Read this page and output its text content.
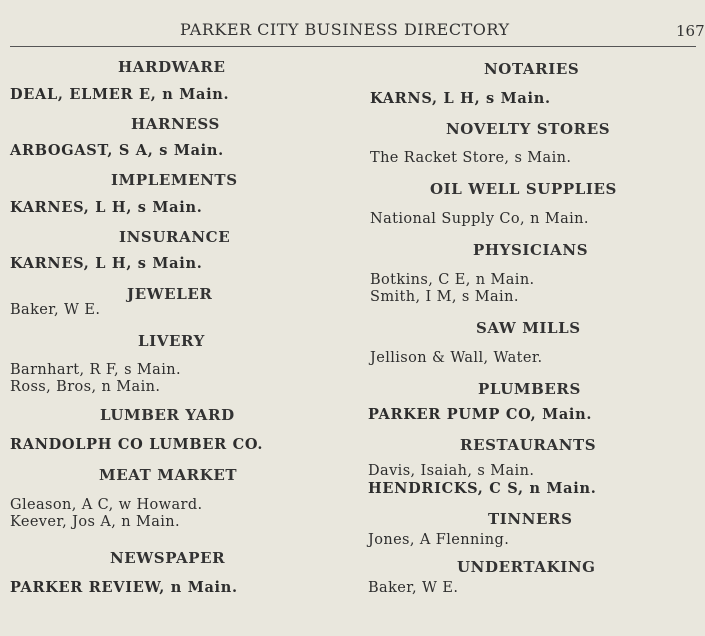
PARKER CITY BUSINESS DIRECTORY	167
HARDWARE
DEAL, ELMER E, n Main.
HARNESS
ARBOGAST, S A, s Main.
IMPLEMENTS
KARNES, L H, s Main.
INSURANCE
KARNES, L H, s Main.
JEWELER
Baker, W E.
LIVERY
Barnhart, R F, s Main.
Ross, Bros, n Main.
LUMBER YARD
RANDOLPH CO LUMBER CO.
MEAT MARKET
Gleason, A C, w Howard.
Keever, Jos A, n Main.
NEWSPAPER
PARKER REVIEW, n Main.
NOTARIES
KARNS, L H, s Main.
NOVELTY STORES
The Racket Store, s Main.
OIL WELL SUPPLIES
National Supply Co, n Main.
PHYSICIANS
Botkins, C E, n Main.
Smith, I M, s Main.
SAW MILLS
Jellison & Wall, Water.
PLUMBERS
PARKER PUMP CO, Main.
RESTAURANTS
Davis, Isaiah, s Main.
HENDRICKS, C S, n Main.
TINNERS
Jones, A Flenning.
UNDERTAKING
Baker, W E.
